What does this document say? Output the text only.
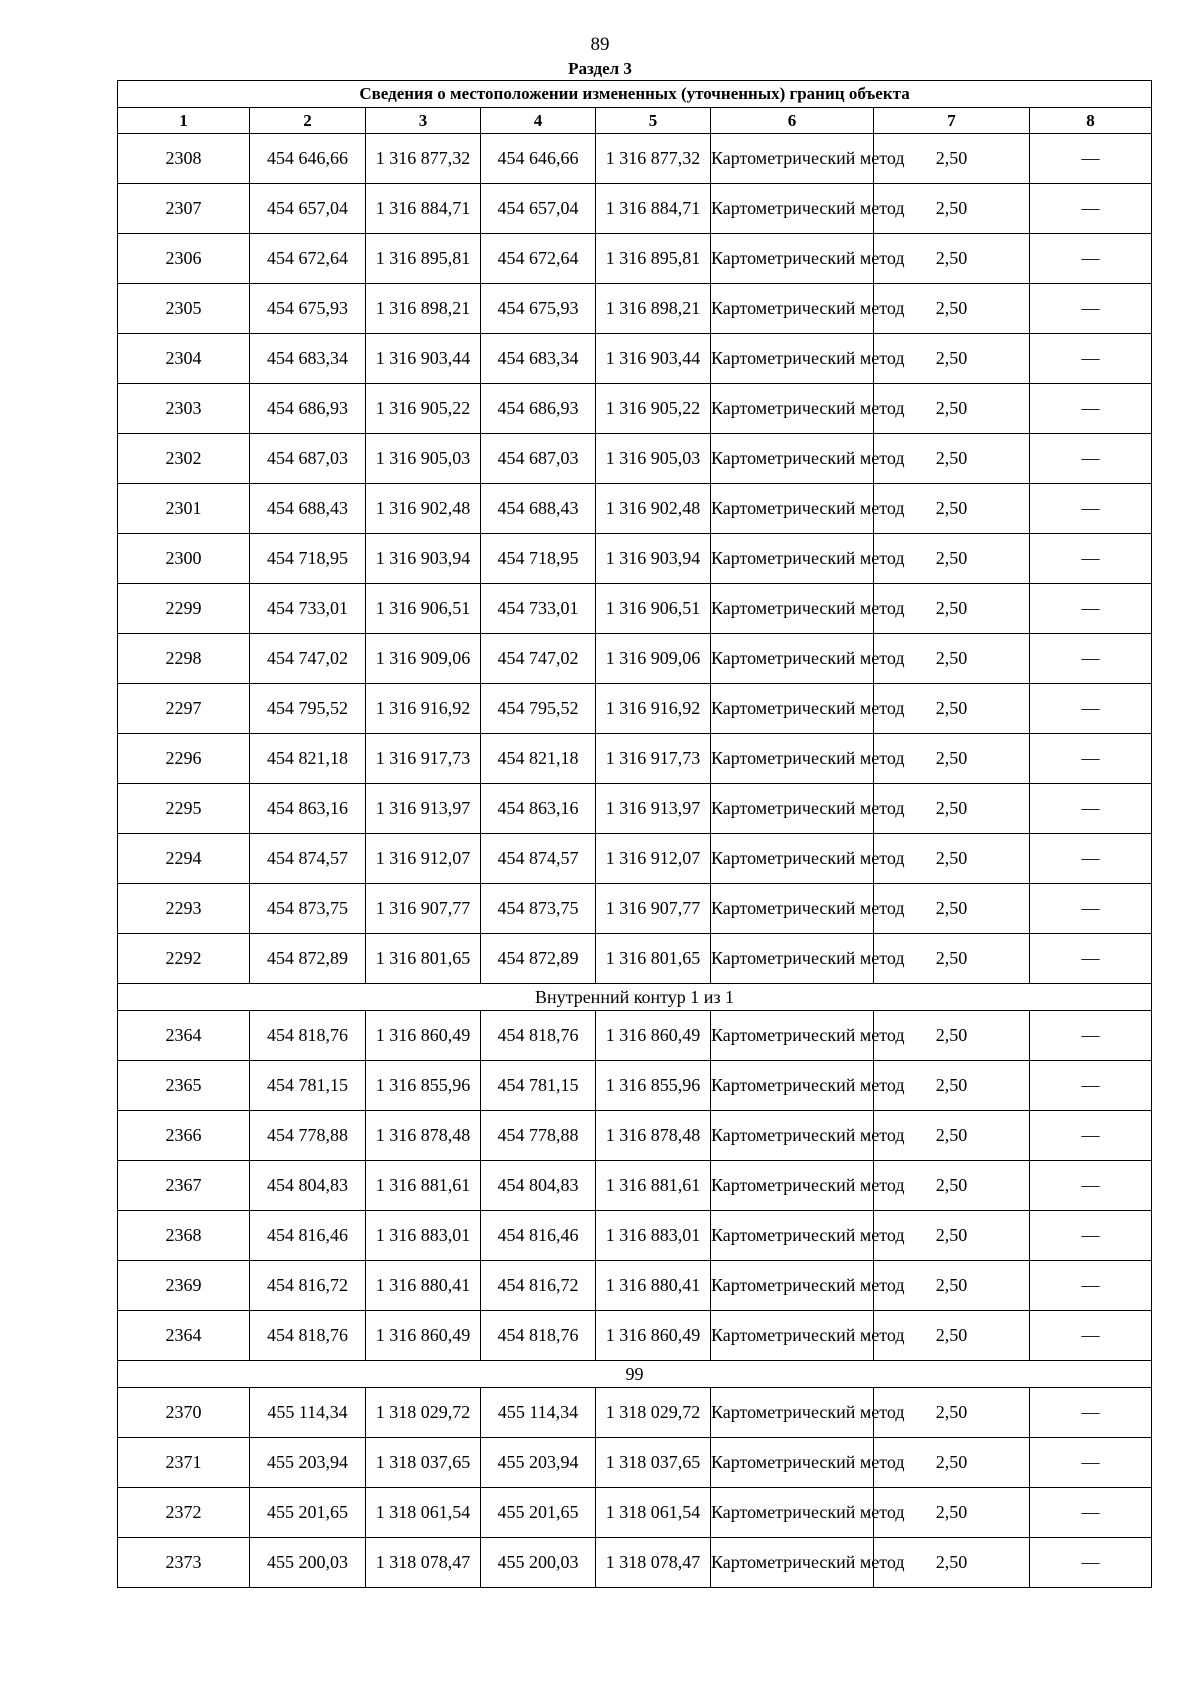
89
Раздел 3
Сведения о местоположении измененных (уточненных) границ объекта							
1	2	3	4	5	6	7	8
2308	454 646,66	1 316 877,32	454 646,66	1 316 877,32	Картометрический метод	2,50	—
2307	454 657,04	1 316 884,71	454 657,04	1 316 884,71	Картометрический метод	2,50	—
2306	454 672,64	1 316 895,81	454 672,64	1 316 895,81	Картометрический метод	2,50	—
2305	454 675,93	1 316 898,21	454 675,93	1 316 898,21	Картометрический метод	2,50	—
2304	454 683,34	1 316 903,44	454 683,34	1 316 903,44	Картометрический метод	2,50	—
2303	454 686,93	1 316 905,22	454 686,93	1 316 905,22	Картометрический метод	2,50	—
2302	454 687,03	1 316 905,03	454 687,03	1 316 905,03	Картометрический метод	2,50	—
2301	454 688,43	1 316 902,48	454 688,43	1 316 902,48	Картометрический метод	2,50	—
2300	454 718,95	1 316 903,94	454 718,95	1 316 903,94	Картометрический метод	2,50	—
2299	454 733,01	1 316 906,51	454 733,01	1 316 906,51	Картометрический метод	2,50	—
2298	454 747,02	1 316 909,06	454 747,02	1 316 909,06	Картометрический метод	2,50	—
2297	454 795,52	1 316 916,92	454 795,52	1 316 916,92	Картометрический метод	2,50	—
2296	454 821,18	1 316 917,73	454 821,18	1 316 917,73	Картометрический метод	2,50	—
2295	454 863,16	1 316 913,97	454 863,16	1 316 913,97	Картометрический метод	2,50	—
2294	454 874,57	1 316 912,07	454 874,57	1 316 912,07	Картометрический метод	2,50	—
2293	454 873,75	1 316 907,77	454 873,75	1 316 907,77	Картометрический метод	2,50	—
2292	454 872,89	1 316 801,65	454 872,89	1 316 801,65	Картометрический метод	2,50	—
Внутренний контур 1 из 1							
2364	454 818,76	1 316 860,49	454 818,76	1 316 860,49	Картометрический метод	2,50	—
2365	454 781,15	1 316 855,96	454 781,15	1 316 855,96	Картометрический метод	2,50	—
2366	454 778,88	1 316 878,48	454 778,88	1 316 878,48	Картометрический метод	2,50	—
2367	454 804,83	1 316 881,61	454 804,83	1 316 881,61	Картометрический метод	2,50	—
2368	454 816,46	1 316 883,01	454 816,46	1 316 883,01	Картометрический метод	2,50	—
2369	454 816,72	1 316 880,41	454 816,72	1 316 880,41	Картометрический метод	2,50	—
2364	454 818,76	1 316 860,49	454 818,76	1 316 860,49	Картометрический метод	2,50	—
99							
2370	455 114,34	1 318 029,72	455 114,34	1 318 029,72	Картометрический метод	2,50	—
2371	455 203,94	1 318 037,65	455 203,94	1 318 037,65	Картометрический метод	2,50	—
2372	455 201,65	1 318 061,54	455 201,65	1 318 061,54	Картометрический метод	2,50	—
2373	455 200,03	1 318 078,47	455 200,03	1 318 078,47	Картометрический метод	2,50	—
